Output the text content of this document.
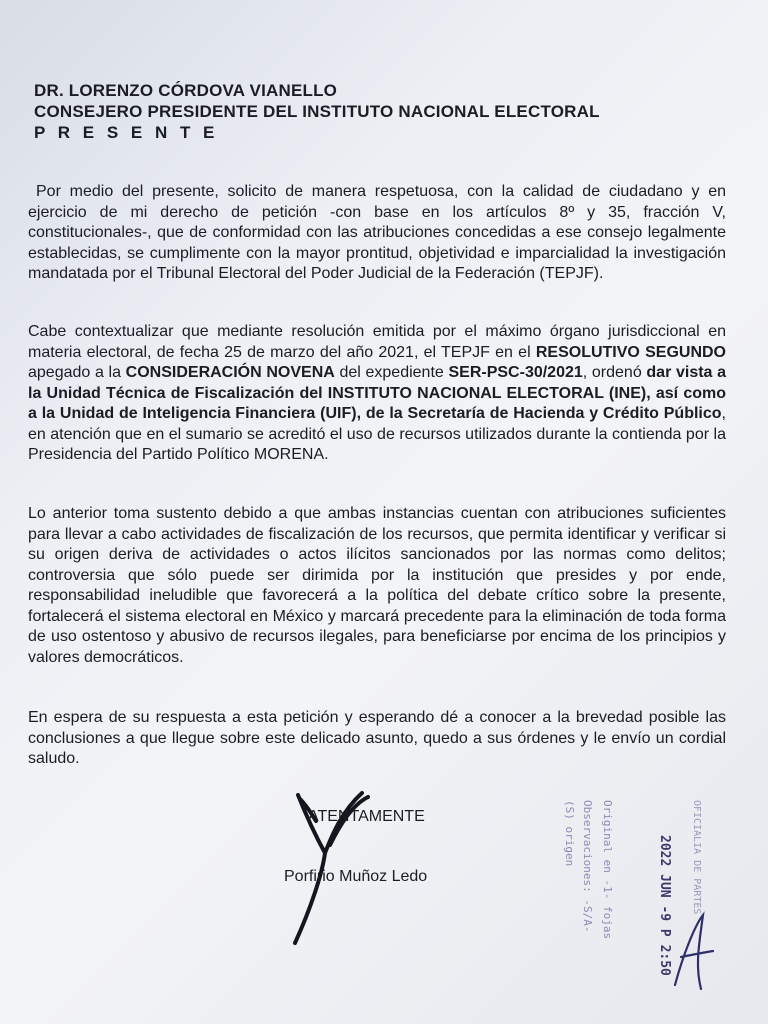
DR. LORENZO CÓRDOVA VIANELLO
CONSEJERO PRESIDENTE DEL INSTITUTO NACIONAL ELECTORAL
P R E S E N T E
Por medio del presente, solicito de manera respetuosa, con la calidad de ciudadano y en ejercicio de mi derecho de petición -con base en los artículos 8º y 35, fracción V, constitucionales-, que de conformidad con las atribuciones concedidas a ese consejo legalmente establecidas, se cumplimente con la mayor prontitud, objetividad e imparcialidad la investigación mandatada por el Tribunal Electoral del Poder Judicial de la Federación (TEPJF).
Cabe contextualizar que mediante resolución emitida por el máximo órgano jurisdiccional en materia electoral, de fecha 25 de marzo del año 2021, el TEPJF en el RESOLUTIVO SEGUNDO apegado a la CONSIDERACIÓN NOVENA del expediente SER-PSC-30/2021, ordenó dar vista a la Unidad Técnica de Fiscalización del INSTITUTO NACIONAL ELECTORAL (INE), así como a la Unidad de Inteligencia Financiera (UIF), de la Secretaría de Hacienda y Crédito Público, en atención que en el sumario se acreditó el uso de recursos utilizados durante la contienda por la Presidencia del Partido Político MORENA.
Lo anterior toma sustento debido a que ambas instancias cuentan con atribuciones suficientes para llevar a cabo actividades de fiscalización de los recursos, que permita identificar y verificar si su origen deriva de actividades o actos ilícitos sancionados por las normas como delitos; controversia que sólo puede ser dirimida por la institución que presides y por ende, responsabilidad ineludible que favorecerá a la política del debate crítico sobre la presente, fortalecerá el sistema electoral en México y marcará precedente para la eliminación de toda forma de uso ostentoso y abusivo de recursos ilegales, para beneficiarse por encima de los principios y valores democráticos.
En espera de su respuesta a esta petición y esperando dé a conocer a la brevedad posible las conclusiones a que llegue sobre este delicado asunto, quedo a sus órdenes y le envío un cordial saludo.
ATENTAMENTE
Porfirio Muñoz Ledo
(S) origen Observaciones: -S/A- Original en -1- fojas	2022 JUN -9 P 2:50 OFICIALIA DE PARTES
